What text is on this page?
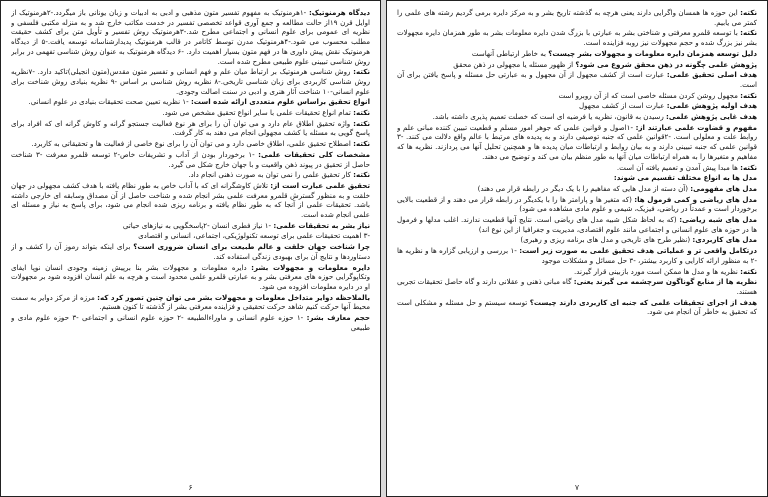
دیدگاه هرمنوتیک: -۱هرمنوتیک به مفهوم تفسیر متون مذهبی و ادبی به ادبیات و زبان یونانی باز میگردد.-۲هرمنوتیک از اوایل قرن ۱۹از حالت مطالعه و جمع آوری قواعد تخصصی تفسیر در خدمت مکاتب خارج شد و به منزله مکتبی فلسفی و نظریه ای عمومی برای علوم انسانی و اجتماعی مطرح شد.-۳هرمنوتیک روش تفسیر و تأویل متن برای کشف حقیقت مطلب محسوب می شود.-۴هرمنوتیک مدرن توسط کاتامر در قالب هرمنوتیک پدیدارشناسانه توسعه یافت.-۵ از دیدگاه هرمنوتیک نقش پیش داوری ها در فهم متون بسیار اهمیت دارد. -۶ دیدگاه هرمنوتیک به عنوان روش شناسی تفهمی در برابر روش شناسی تبیینی علوم طبیعی مطرح شده است.

نکته: روش شناسی هرمنوتیک بر ارتباط میان علم و فهم انسانی و تفسیر متون مقدس(متون انجیلی)تاکید دارد. -۷نظریه روش شناسی کاربردی برای زبان شناسی تاریخی.-۸ نظریه روش شناسی بر اساس -۹ نظریه بنیادی روش شناخت برای علوم انسانی-۱۰ شناخت آثار هنری و ادبی در سنت اصالت وجودی.

انواع تحقیق براساس علوم متعددی ارائه شده است: -۱ نظریه تعیین صحت تحقیقات بنیادی در علوم انسانی.

نکته: تمام انواع تحقیقات علمی با سایر انواع تحقیق مشخص می شود.

نکته: واژه تحقیق اطلاق عام دارد و می توان آن را برای هر نوع فعالیت جستجو گرانه و کاوش گرانه ای که افراد برای پاسخ گویی به مسئله یا کشف مجهولی انجام می دهند به کار گرفت.

نکته: اصطلاح تحقیق علمی، اطلاق خاصی دارد و می توان آن را برای نوع خاصی از فعالیت ها و تحقیقاتی به کاربرد.

مشخصات کلی تحقیقات علمی: -۱ برخوردار بودن از آداب و تشریفات خاص-۲ توسعه قلمرو معرفت -۳ شناخت حاصل از تحقیق در پیوند ذهن واقعیت و با جهان خارج شکل می گیرد.

نکته: کار تحقیق علمی را نمی توان به صورت ذهنی انجام داد.

تحقیق علمی عبارت است از: تلاش کاوشگرانه ای که با آداب خاص به طور نظام یافته با هدف کشف مجهولی در جهان خلقت و به منظور گسترش قلمرو معرفت علمی بشر انجام شده و شناخت حاصل از آن مصداق وسابقه ای خارجی داشته باشد. تحقیقات علمی از آنجا که به طور نظام یافته و برنامه ریزی شده انجام می شود، برای پاسخ به نیاز و مسئله ای علمی انجام شده است.

نیاز بشر به تحقیقات علمی: -۱ نیاز فطری انسان -۲پاسخگویی به نیازهای حیاتی

-۳ اهمیت تحقیقات علمی برای توسعه تکنولوژیکی، اجتماعی، انسانی و اقتصادی

چرا شناخت جهان خلقت و عالم طبیعت برای انسان ضروری است؟ برای اینکه بتواند رموز آن را کشف و از دستاوردها و نتایج آن برای بهبودی زندگی استفاده کند.

دایره معلومات و مجهولات بشر: دایره معلومات و مجهولات بشر بنا برپیش زمینه وجودی انسان نوپا ایفای وتکاپوگرایی حوزه های معرفتی بشر و به عبارتی قلمرو علمی محدود است و هرچه به علم انسان افزوده شود بر مجهولات او در دایره معلومات افزوده می شود.

بالملاحظه دوایر متداخل معلومات و مجهولات بشر می توان چنین تصور کرد که: مرزه از مرکز دوایر به سمت محیط آنها حرکت کنیم شاهد حرکت تحقیقی و فزاینده معرفتی بشر از گذشته تا کنون هستیم.

حجم معارف بشر: -۱ حوزه علوم انسانی و ماوراءالطبیعه -۲ حوزه علوم انسانی و اجتماعی -۳ حوزه علوم مادی و طبیعی

۶

نکته: این حوزه ها همسان واگرایی دارند یعنی هرچه به گذشته تاریخ بشر و به مرکز دایره برمی گردیم رشته های علمی را کمتر می یابیم.

نکته: با توسعه قلمرو معرفتی و شناختی بشر به عبارتی با بزرگ شدن دایره معلومات بشر به طور همزمان دایره مجهولات بشر نیز بزرگ شده و حجم مجهولات نیز روبه فزاینده است.

دلیل توسعه همزمان دایره معلومات و مجهولات بشر چیست؟ به خاطر ارتباطی آنهاست

پژوهش علمی چگونه در ذهن محقق شروع می شود؟ از ظهور مسئله یا مجهولی در ذهن محقق

هدف اصلی تحقیق علمی: عبارت است از کشف مجهول از آن مجهول و به عبارتی حل مسئله و پاسخ یافتن برای آن است.

نکته: مجهول روشن کردن مسئله خاصی است که از آن روبرو است

هدف اولیه پژوهش علمی: عبارت است از کشف مجهول

هدف غایی پژوهش علمی: رسیدن به قانون، نظریه یا فرضیه ای است که خصلت تعمیم پذیری داشته باشد.

مفهوم و قضاوت علمی عبارتند از: -۱اصول و قوانین علمی که جوهر امور مسلم و قطعیت تبیین کننده مبانی علم و روابط علت و معلولی است. -۲قوانین علمی که جنبه توصیفی دارند و به پدیده های مرتبط با عالم واقع دلالت می کنند. -۳ قوانین علمی که جنبه تبیینی دارند و به بیان روابط و ارتباطات میان پدیده ها و همچنین تحلیل آنها می پردازند. نظریه ها که مفاهیم و متغیرها را به همراه ارتباطات میان آنها به طور منظم بیان می کند و توضیح می دهند.

نکته: ها مبدا پیش آمدن و تعمیم یافته آن است.

مدل ها به انواع مختلف تقسیم می شوند:

مدل های مفهومی: (آن دسته از مدل هایی که مفاهیم را با یک دیگر در رابطه قرار می دهند)

مدل های ریاضی و کمی فرمول ها: (که متغیر ها و پارامتر ها را با یکدیگر در رابطه قرار می دهند و از قطعیت بالایی برخوردار است و عمدتاً در ریاضی، فیزیک، شیمی و علوم مادی مشاهده می شود)

مدل های شبه ریاضی: (که به لحاظ شکل شبیه مدل های ریاضی است. نتایج آنها قطعیت ندارند. اغلب مدلها و فرمول ها در حوزه های علوم انسانی و اجتماعی مانند علوم اقتصادی، مدیریت و جغرافیا از این نوع اند)

مدل های کاربردی: (نظیر طرح های تاریخی و مدل های برنامه ریزی و رهبری)

درتکامل واقعی تر و عملیاتی هدف تحقیق علمی به صورت زیر است: -۱ بررسی و ارزیابی گزاره ها و نظریه ها -۲ به منظور ارائه کارایی و کاربرد بیشتر، -۳ حل مسائل و مشکلات موجود

نکته: نظریه ها و مدل ها ممکن است مورد بازبینی قرار گیرند.

نظریه ها از منابع گوناگون سرچشمه می گیرند یعنی: گاه مبانی ذهنی و عقلانی دارند و گاه حاصل تحقیقات تجربی هستند.

هدف از اجرای تحقیقات علمی که جنبه ای کاربردی دارند چیست؟ توسعه سیستم و حل مسئله و مشکلی است که تحقیق به خاطر آن انجام می شود.

۷
